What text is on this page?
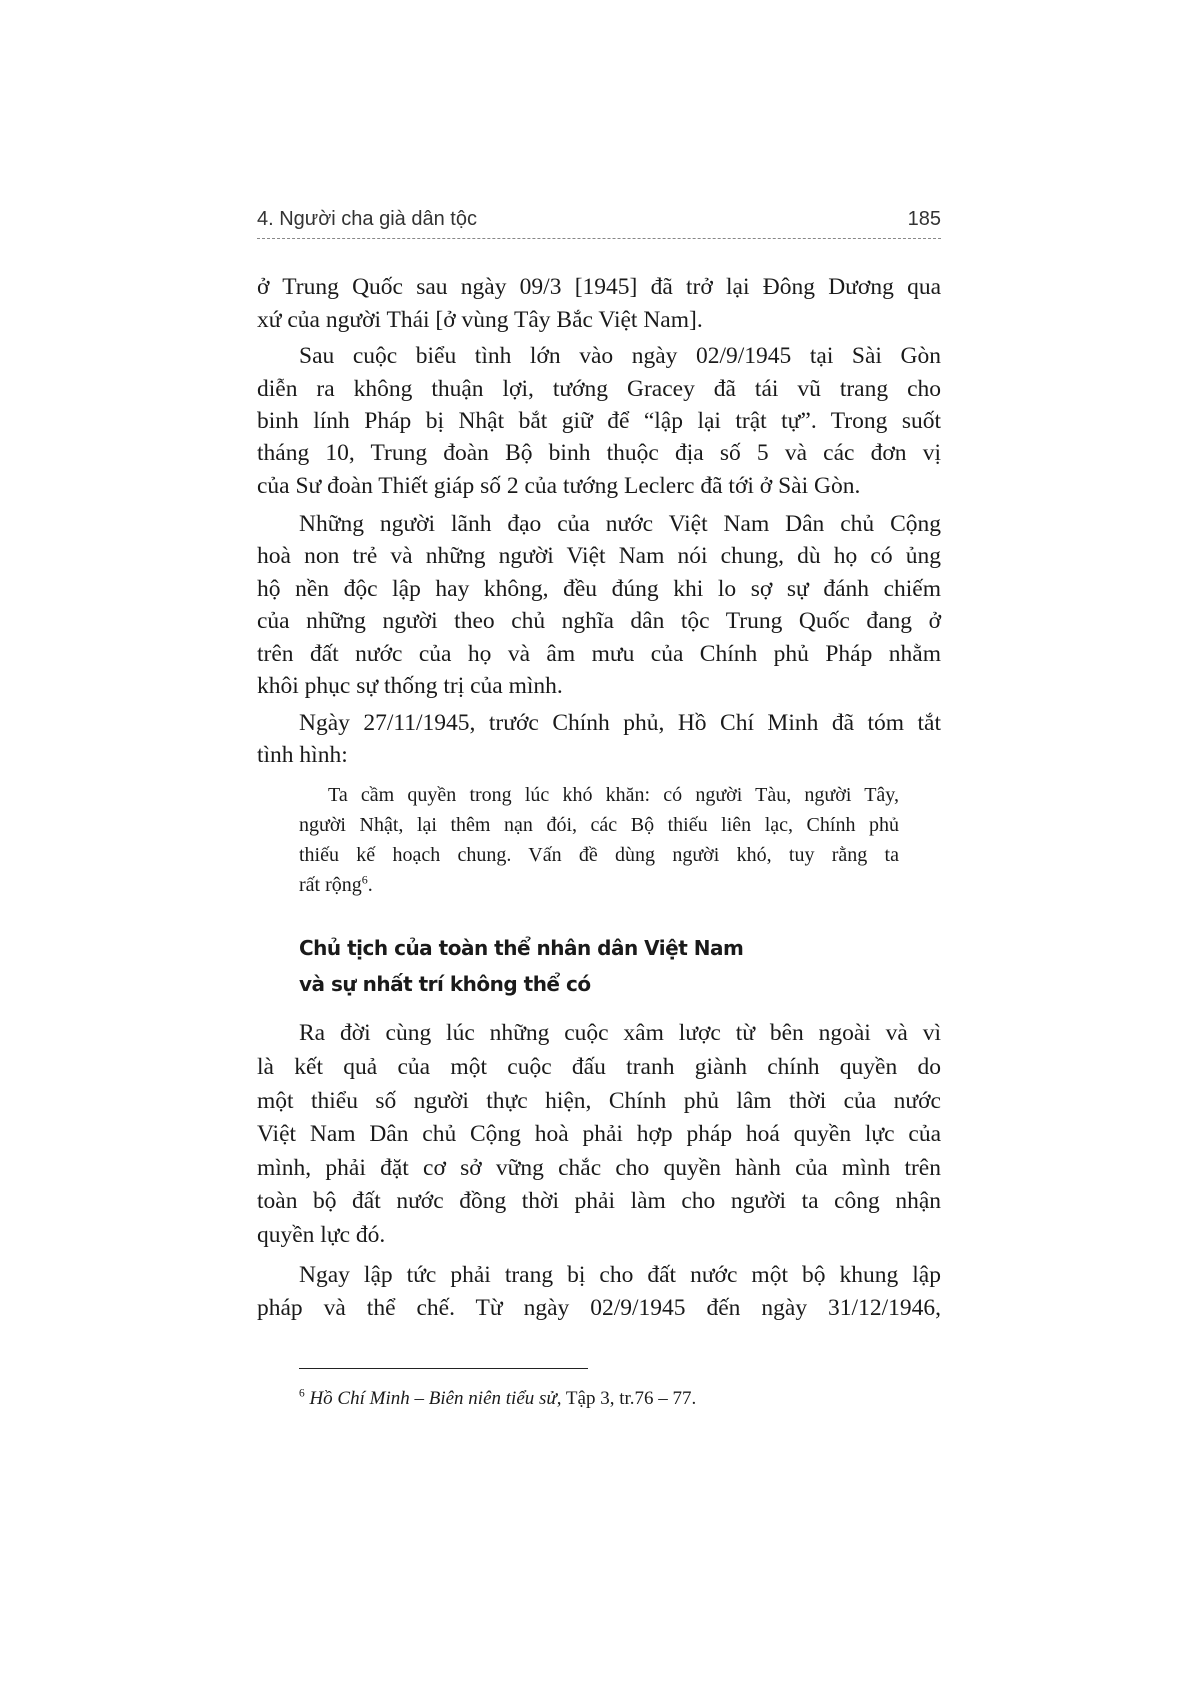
4. Người cha già dân tộc	185
ở Trung Quốc sau ngày 09/3 [1945] đã trở lại Đông Dương qua
xứ của người Thái [ở vùng Tây Bắc Việt Nam].
Sau cuộc biểu tình lớn vào ngày 02/9/1945 tại Sài Gòn
diễn ra không thuận lợi, tướng Gracey đã tái vũ trang cho
binh lính Pháp bị Nhật bắt giữ để “lập lại trật tự”. Trong suốt
tháng 10, Trung đoàn Bộ binh thuộc địa số 5 và các đơn vị
của Sư đoàn Thiết giáp số 2 của tướng Leclerc đã tới ở Sài Gòn.
Những người lãnh đạo của nước Việt Nam Dân chủ Cộng
hoà non trẻ và những người Việt Nam nói chung, dù họ có ủng
hộ nền độc lập hay không, đều đúng khi lo sợ sự đánh chiếm
của những người theo chủ nghĩa dân tộc Trung Quốc đang ở
trên đất nước của họ và âm mưu của Chính phủ Pháp nhằm
khôi phục sự thống trị của mình.
Ngày 27/11/1945, trước Chính phủ, Hồ Chí Minh đã tóm tắt
tình hình:
Ta cầm quyền trong lúc khó khăn: có người Tàu, người Tây,
người Nhật, lại thêm nạn đói, các Bộ thiếu liên lạc, Chính phủ
thiếu kế hoạch chung. Vấn đề dùng người khó, tuy rằng ta
rất rộng$^6$.
Chủ tịch của toàn thể nhân dân Việt Nam
và sự nhất trí không thể có
Ra đời cùng lúc những cuộc xâm lược từ bên ngoài và vì
là kết quả của một cuộc đấu tranh giành chính quyền do
một thiểu số người thực hiện, Chính phủ lâm thời của nước
Việt Nam Dân chủ Cộng hoà phải hợp pháp hoá quyền lực của
mình, phải đặt cơ sở vững chắc cho quyền hành của mình trên
toàn bộ đất nước đồng thời phải làm cho người ta công nhận
quyền lực đó.
Ngay lập tức phải trang bị cho đất nước một bộ khung lập
pháp và thể chế. Từ ngày 02/9/1945 đến ngày 31/12/1946,
$^6$ Hồ Chí Minh – Biên niên tiểu sử, Tập 3, tr.76 – 77.
